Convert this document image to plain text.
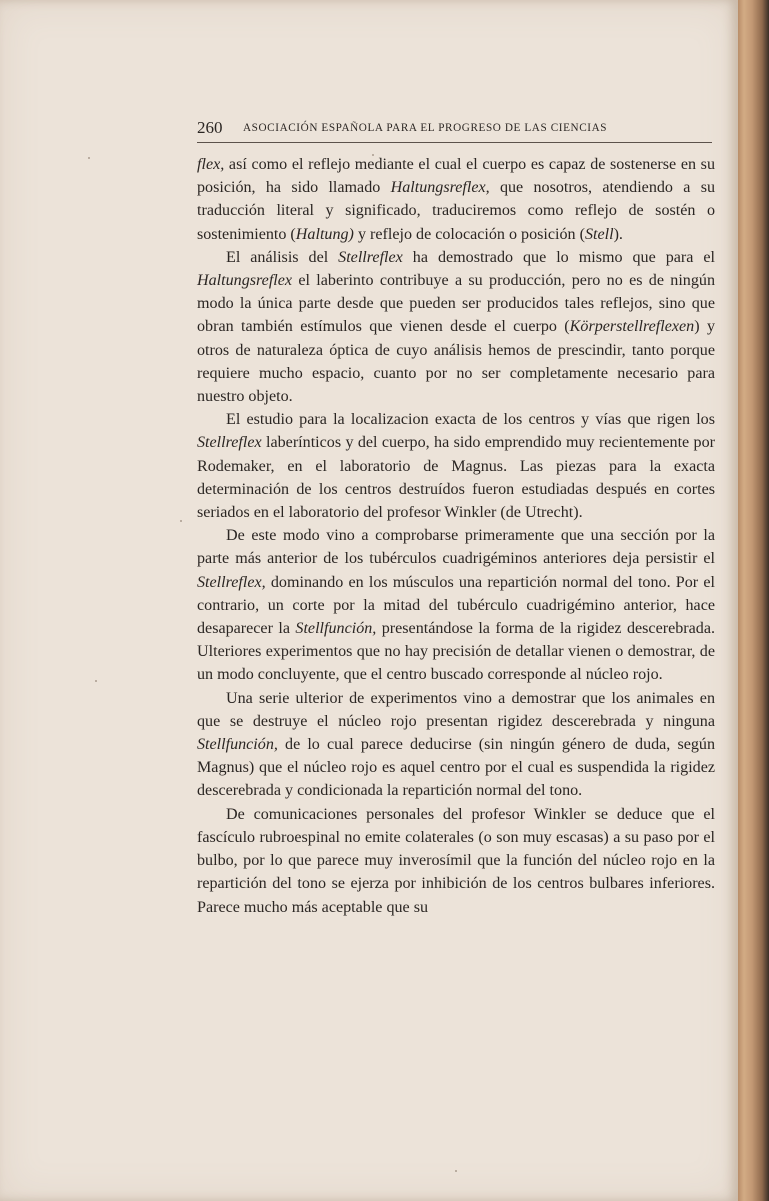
260 ASOCIACIÓN ESPAÑOLA PARA EL PROGRESO DE LAS CIENCIAS

flex, así como el reflejo mediante el cual el cuerpo es capaz de sostenerse en su posición, ha sido llamado Haltungsreflex, que nosotros, atendiendo a su traducción literal y significado, traduciremos como reflejo de sostén o sostenimiento (Haltung) y reflejo de colocación o posición (Stell).

El análisis del Stellreflex ha demostrado que lo mismo que para el Haltungsreflex el laberinto contribuye a su producción, pero no es de ningún modo la única parte desde que pueden ser producidos tales reflejos, sino que obran también estímulos que vienen desde el cuerpo (Körperstellreflexen) y otros de naturaleza óptica de cuyo análisis hemos de prescindir, tanto porque requiere mucho espacio, cuanto por no ser completamente necesario para nuestro objeto.

El estudio para la localizacion exacta de los centros y vías que rigen los Stellreflex laberínticos y del cuerpo, ha sido emprendido muy recientemente por Rodemaker, en el laboratorio de Magnus. Las piezas para la exacta determinación de los centros destruídos fueron estudiadas después en cortes seriados en el laboratorio del profesor Winkler (de Utrecht).

De este modo vino a comprobarse primeramente que una sección por la parte más anterior de los tubérculos cuadrigéminos anteriores deja persistir el Stellreflex, dominando en los músculos una repartición normal del tono. Por el contrario, un corte por la mitad del tubérculo cuadrigémino anterior, hace desaparecer la Stellfunción, presentándose la forma de la rigidez descerebrada. Ulteriores experimentos que no hay precisión de detallar vienen o demostrar, de un modo concluyente, que el centro buscado corresponde al núcleo rojo.

Una serie ulterior de experimentos vino a demostrar que los animales en que se destruye el núcleo rojo presentan rigidez descerebrada y ninguna Stellfunción, de lo cual parece deducirse (sin ningún género de duda, según Magnus) que el núcleo rojo es aquel centro por el cual es suspendida la rigidez descerebrada y condicionada la repartición normal del tono.

De comunicaciones personales del profesor Winkler se deduce que el fascículo rubroespinal no emite colaterales (o son muy escasas) a su paso por el bulbo, por lo que parece muy inverosímil que la función del núcleo rojo en la repartición del tono se ejerza por inhibición de los centros bulbares inferiores. Parece mucho más aceptable que su
